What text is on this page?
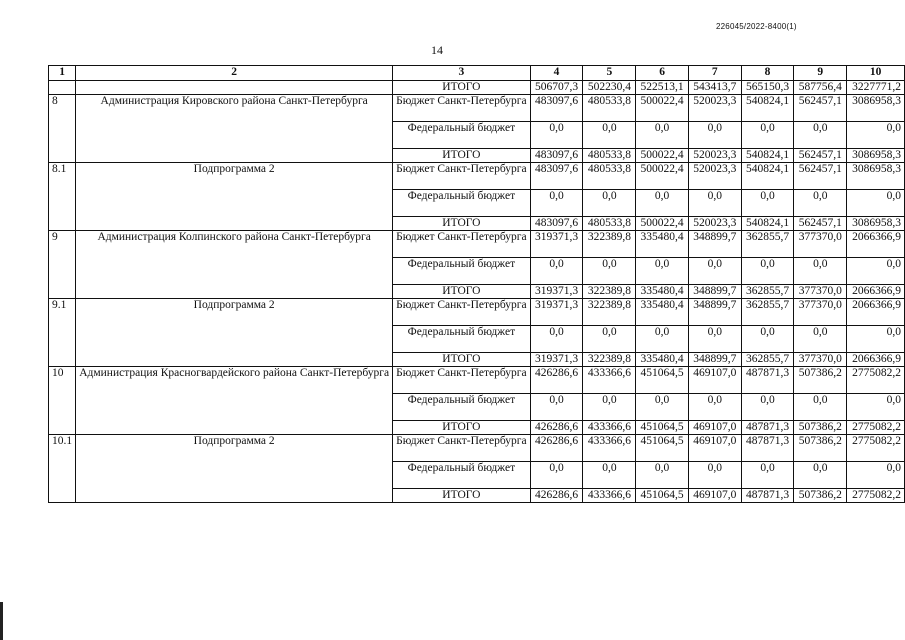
226045/2022-8400(1)
14
1	2	3	4	5	6	7	8	9	10
		ИТОГО	506707,3	502230,4	522513,1	543413,7	565150,3	587756,4	3227771,2
8	Администрация Кировского района Санкт-Петербурга	Бюджет Санкт-Петербурга	483097,6	480533,8	500022,4	520023,3	540824,1	562457,1	3086958,3
		Федеральный бюджет	0,0	0,0	0,0	0,0	0,0	0,0	0,0
		ИТОГО	483097,6	480533,8	500022,4	520023,3	540824,1	562457,1	3086958,3
8.1	Подпрограмма 2	Бюджет Санкт-Петербурга	483097,6	480533,8	500022,4	520023,3	540824,1	562457,1	3086958,3
		Федеральный бюджет	0,0	0,0	0,0	0,0	0,0	0,0	0,0
		ИТОГО	483097,6	480533,8	500022,4	520023,3	540824,1	562457,1	3086958,3
9	Администрация Колпинского района Санкт-Петербурга	Бюджет Санкт-Петербурга	319371,3	322389,8	335480,4	348899,7	362855,7	377370,0	2066366,9
		Федеральный бюджет	0,0	0,0	0,0	0,0	0,0	0,0	0,0
		ИТОГО	319371,3	322389,8	335480,4	348899,7	362855,7	377370,0	2066366,9
9.1	Подпрограмма 2	Бюджет Санкт-Петербурга	319371,3	322389,8	335480,4	348899,7	362855,7	377370,0	2066366,9
		Федеральный бюджет	0,0	0,0	0,0	0,0	0,0	0,0	0,0
		ИТОГО	319371,3	322389,8	335480,4	348899,7	362855,7	377370,0	2066366,9
10	Администрация Красногвардейского района Санкт-Петербурга	Бюджет Санкт-Петербурга	426286,6	433366,6	451064,5	469107,0	487871,3	507386,2	2775082,2
		Федеральный бюджет	0,0	0,0	0,0	0,0	0,0	0,0	0,0
		ИТОГО	426286,6	433366,6	451064,5	469107,0	487871,3	507386,2	2775082,2
10.1	Подпрограмма 2	Бюджет Санкт-Петербурга	426286,6	433366,6	451064,5	469107,0	487871,3	507386,2	2775082,2
		Федеральный бюджет	0,0	0,0	0,0	0,0	0,0	0,0	0,0
		ИТОГО	426286,6	433366,6	451064,5	469107,0	487871,3	507386,2	2775082,2
